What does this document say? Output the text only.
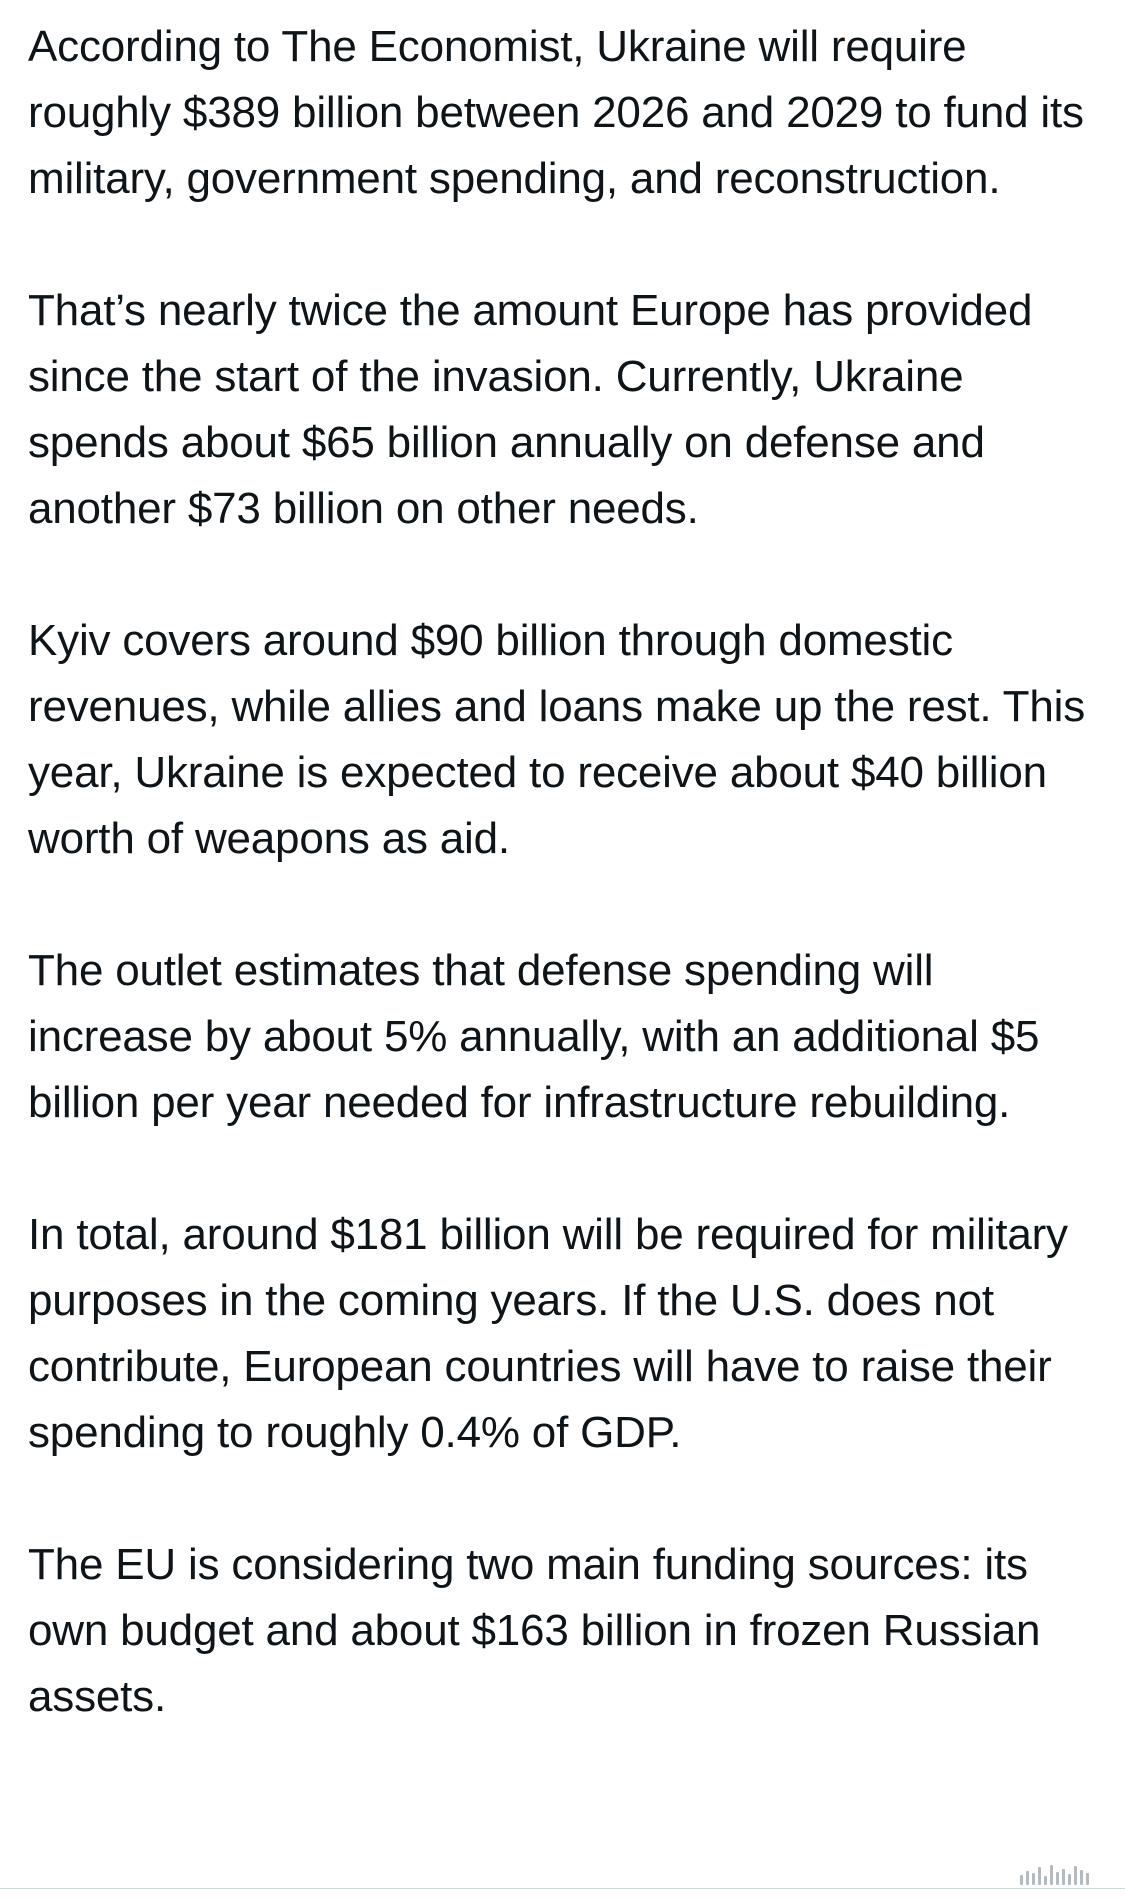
According to The Economist, Ukraine will require roughly $389 billion between 2026 and 2029 to fund its military, government spending, and reconstruction.

That’s nearly twice the amount Europe has provided since the start of the invasion. Currently, Ukraine spends about $65 billion annually on defense and another $73 billion on other needs.

Kyiv covers around $90 billion through domestic revenues, while allies and loans make up the rest. This year, Ukraine is expected to receive about $40 billion worth of weapons as aid.

The outlet estimates that defense spending will increase by about 5% annually, with an additional $5 billion per year needed for infrastructure rebuilding.

In total, around $181 billion will be required for military purposes in the coming years. If the U.S. does not contribute, European countries will have to raise their spending to roughly 0.4% of GDP.

The EU is considering two main funding sources: its own budget and about $163 billion in frozen Russian assets.
